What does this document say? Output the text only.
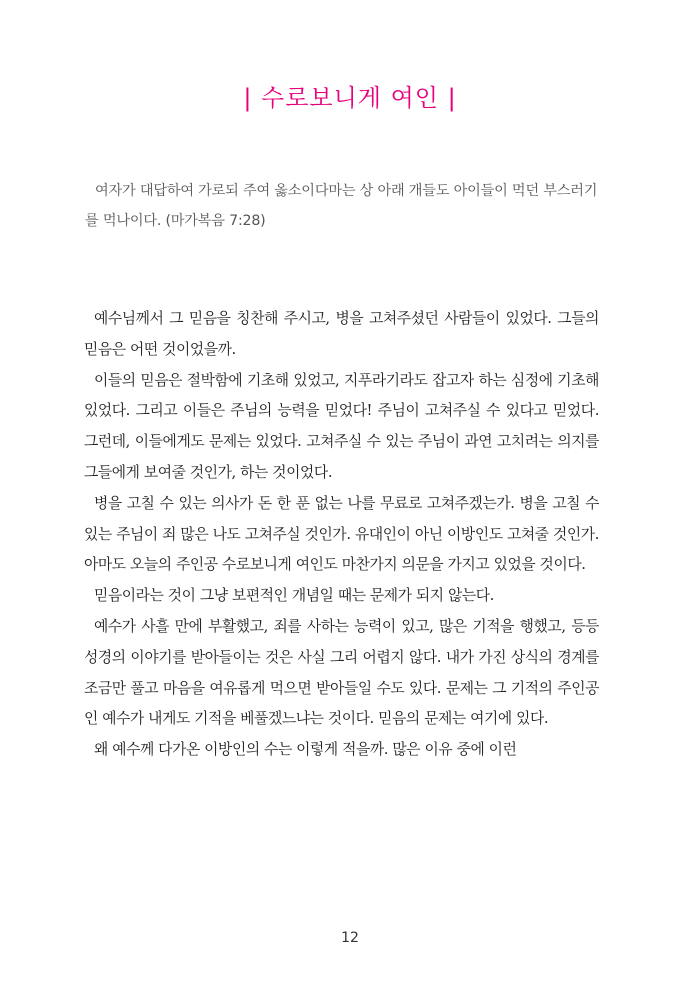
| 수로보니게 여인 |
여자가 대답하여 가로되 주여 옳소이다마는 상 아래 개들도 아이들이 먹던 부스러기를 먹나이다. (마가복음 7:28)

예수님께서 그 믿음을 칭찬해 주시고, 병을 고쳐주셨던 사람들이 있었다. 그들의 믿음은 어떤 것이었을까.

이들의 믿음은 절박함에 기초해 있었고, 지푸라기라도 잡고자 하는 심정에 기초해 있었다. 그리고 이들은 주님의 능력을 믿었다! 주님이 고쳐주실 수 있다고 믿었다. 그런데, 이들에게도 문제는 있었다. 고쳐주실 수 있는 주님이 과연 고치려는 의지를 그들에게 보여줄 것인가, 하는 것이었다.

병을 고칠 수 있는 의사가 돈 한 푼 없는 나를 무료로 고쳐주겠는가. 병을 고칠 수 있는 주님이 죄 많은 나도 고쳐주실 것인가. 유대인이 아닌 이방인도 고쳐줄 것인가. 아마도 오늘의 주인공 수로보니게 여인도 마찬가지 의문을 가지고 있었을 것이다.

믿음이라는 것이 그냥 보편적인 개념일 때는 문제가 되지 않는다.

예수가 사흘 만에 부활했고, 죄를 사하는 능력이 있고, 많은 기적을 행했고, 등등 성경의 이야기를 받아들이는 것은 사실 그리 어렵지 않다. 내가 가진 상식의 경계를 조금만 풀고 마음을 여유롭게 먹으면 받아들일 수도 있다. 문제는 그 기적의 주인공인 예수가 내게도 기적을 베풀겠느냐는 것이다. 믿음의 문제는 여기에 있다.

왜 예수께 다가온 이방인의 수는 이렇게 적을까. 많은 이유 중에 이런

12
